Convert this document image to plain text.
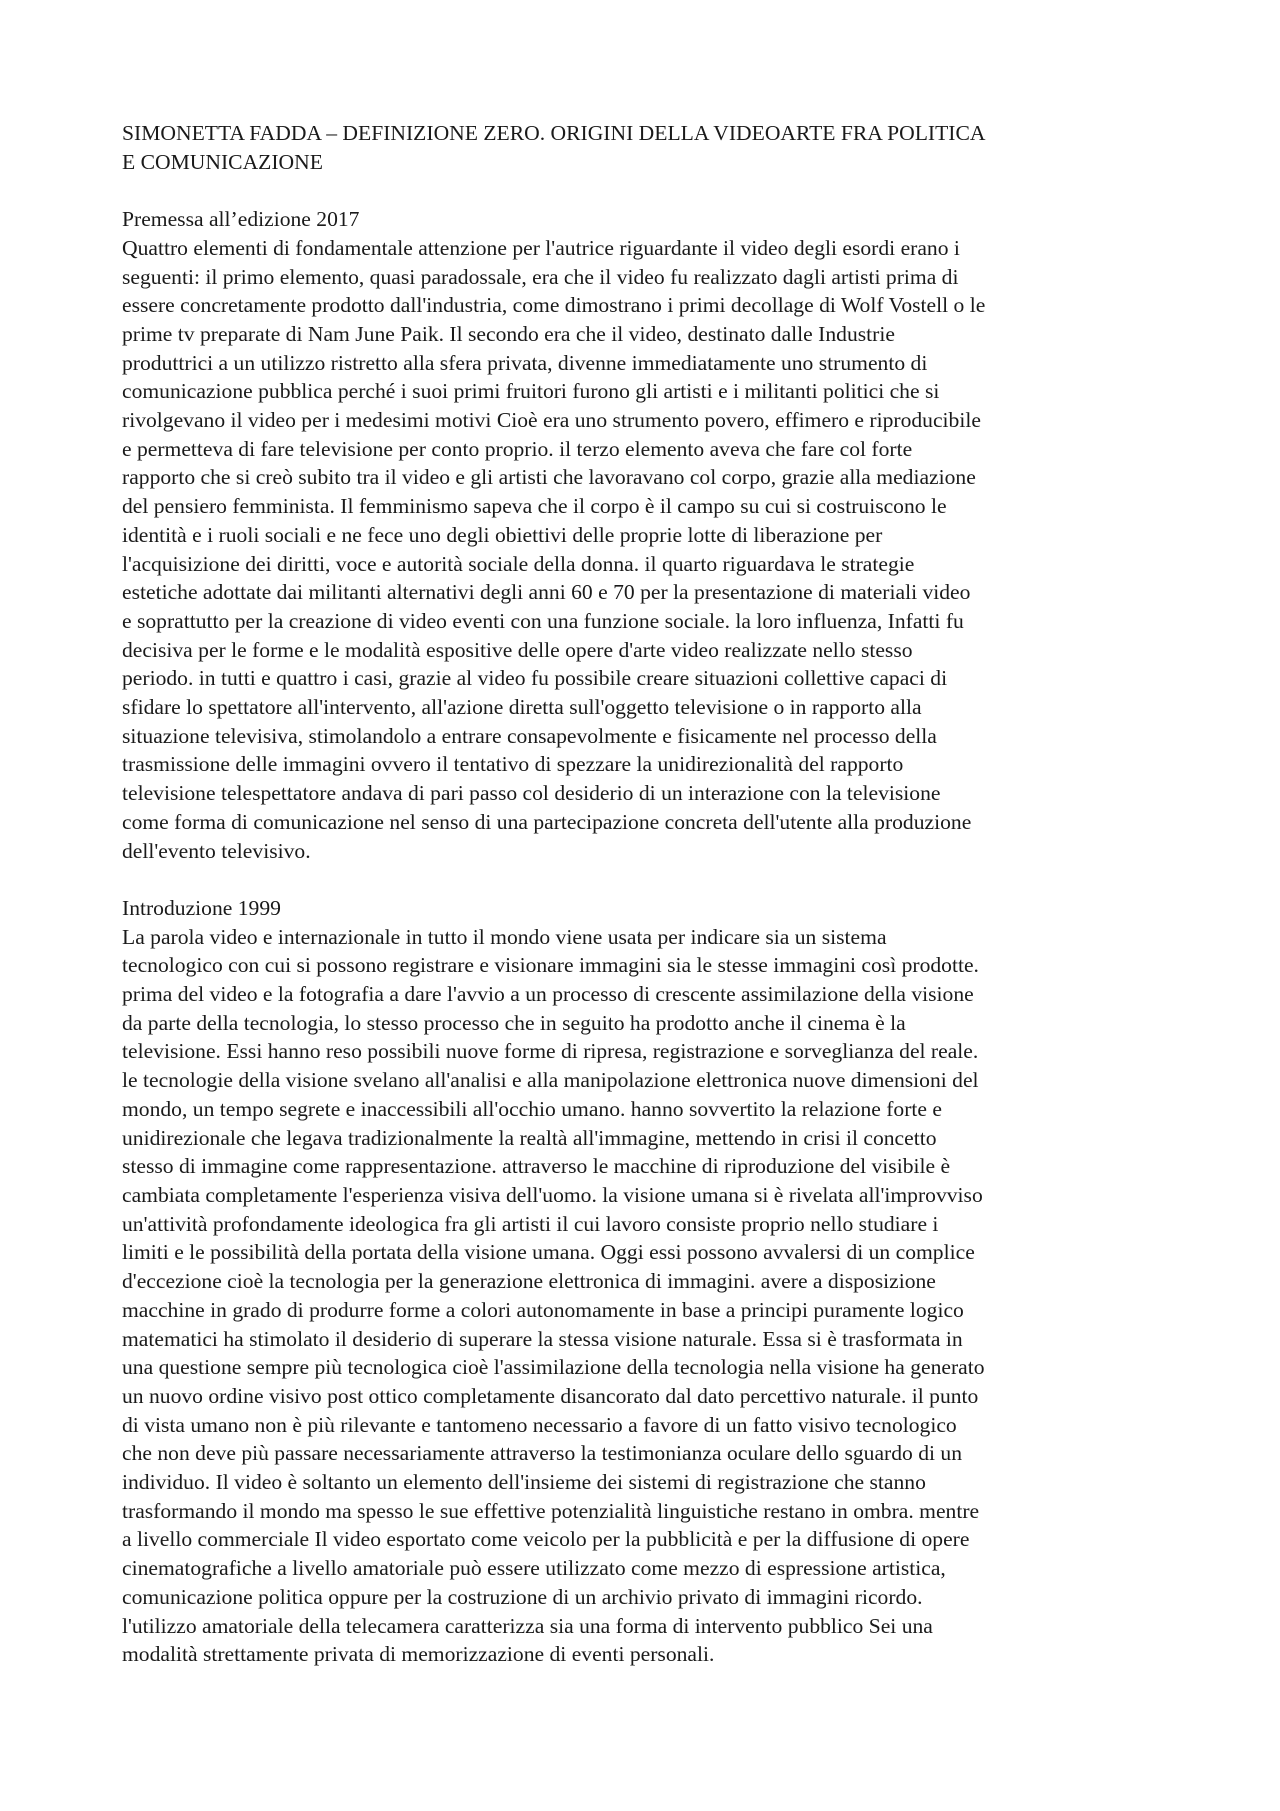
SIMONETTA FADDA – DEFINIZIONE ZERO. ORIGINI DELLA VIDEOARTE FRA POLITICA
E COMUNICAZIONE
Premessa all’edizione 2017
Quattro elementi di fondamentale attenzione per l'autrice riguardante il video degli esordi erano i
seguenti: il primo elemento, quasi paradossale, era che il video fu realizzato dagli artisti prima di
essere concretamente prodotto dall'industria, come dimostrano i primi decollage di Wolf Vostell o le
prime tv preparate di Nam June Paik. Il secondo era che il video, destinato dalle Industrie
produttrici a un utilizzo ristretto alla sfera privata, divenne immediatamente uno strumento di
comunicazione pubblica perché i suoi primi fruitori furono gli artisti e i militanti politici che si
rivolgevano il video per i medesimi motivi Cioè era uno strumento povero, effimero e riproducibile
e permetteva di fare televisione per conto proprio. il terzo elemento aveva che fare col forte
rapporto che si creò subito tra il video e gli artisti che lavoravano col corpo, grazie alla mediazione
del pensiero femminista. Il femminismo sapeva che il corpo è il campo su cui si costruiscono le
identità e i ruoli sociali e ne fece uno degli obiettivi delle proprie lotte di liberazione per
l'acquisizione dei diritti, voce e autorità sociale della donna. il quarto riguardava le strategie
estetiche adottate dai militanti alternativi degli anni 60 e 70 per la presentazione di materiali video
e soprattutto per la creazione di video eventi con una funzione sociale. la loro influenza, Infatti fu
decisiva per le forme e le modalità espositive delle opere d'arte video realizzate nello stesso
periodo. in tutti e quattro i casi, grazie al video fu possibile creare situazioni collettive capaci di
sfidare lo spettatore all'intervento, all'azione diretta sull'oggetto televisione o in rapporto alla
situazione televisiva, stimolandolo a entrare consapevolmente e fisicamente nel processo della
trasmissione delle immagini ovvero il tentativo di spezzare la unidirezionalità del rapporto
televisione telespettatore andava di pari passo col desiderio di un interazione con la televisione
come forma di comunicazione nel senso di una partecipazione concreta dell'utente alla produzione
dell'evento televisivo.
Introduzione 1999
La parola video e internazionale in tutto il mondo viene usata per indicare sia un sistema
tecnologico con cui si possono registrare e visionare immagini sia le stesse immagini così prodotte.
prima del video e la fotografia a dare l'avvio a un processo di crescente assimilazione della visione
da parte della tecnologia, lo stesso processo che in seguito ha prodotto anche il cinema è la
televisione. Essi hanno reso possibili nuove forme di ripresa, registrazione e sorveglianza del reale.
le tecnologie della visione svelano all'analisi e alla manipolazione elettronica nuove dimensioni del
mondo, un tempo segrete e inaccessibili all'occhio umano. hanno sovvertito la relazione forte e
unidirezionale che legava tradizionalmente la realtà all'immagine, mettendo in crisi il concetto
stesso di immagine come rappresentazione. attraverso le macchine di riproduzione del visibile è
cambiata completamente l'esperienza visiva dell'uomo. la visione umana si è rivelata all'improvviso
un'attività profondamente ideologica fra gli artisti il cui lavoro consiste proprio nello studiare i
limiti e le possibilità della portata della visione umana. Oggi essi possono avvalersi di un complice
d'eccezione cioè la tecnologia per la generazione elettronica di immagini. avere a disposizione
macchine in grado di produrre forme a colori autonomamente in base a principi puramente logico
matematici ha stimolato il desiderio di superare la stessa visione naturale. Essa si è trasformata in
una questione sempre più tecnologica cioè l'assimilazione della tecnologia nella visione ha generato
un nuovo ordine visivo post ottico completamente disancorato dal dato percettivo naturale. il punto
di vista umano non è più rilevante e tantomeno necessario a favore di un fatto visivo tecnologico
che non deve più passare necessariamente attraverso la testimonianza oculare dello sguardo di un
individuo. Il video è soltanto un elemento dell'insieme dei sistemi di registrazione che stanno
trasformando il mondo ma spesso le sue effettive potenzialità linguistiche restano in ombra. mentre
a livello commerciale Il video esportato come veicolo per la pubblicità e per la diffusione di opere
cinematografiche a livello amatoriale può essere utilizzato come mezzo di espressione artistica,
comunicazione politica oppure per la costruzione di un archivio privato di immagini ricordo.
l'utilizzo amatoriale della telecamera caratterizza sia una forma di intervento pubblico Sei una
modalità strettamente privata di memorizzazione di eventi personali.
